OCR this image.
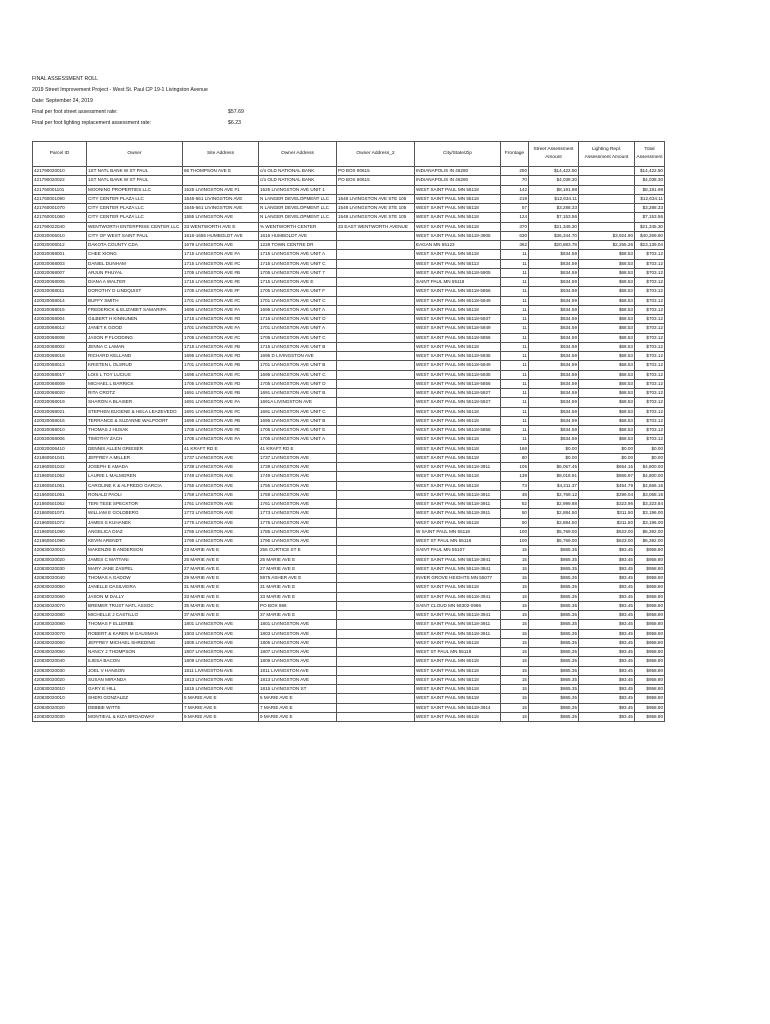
FINAL ASSESSMENT ROLL
2019 Street Improvement Project - West St. Paul CP 19-1 Livingston Avenue
Date: September 24, 2019
Final per foot street assessment rate:	$57.69
Final per foot lighting replacement assessment rate:	$6.23
Parcel ID	Owner	Site Address	Owner Address	Owner Address_2	City/State/Zip	Frontage	Street Assessment Amount	Lighting Repl. Assessment Amount	Total Assessment
421790020010	1ST NATL BANK W ST PAUL	66 THOMPSON AVE E	c/o OLD NATIONAL BANK	PO BOX 80615	INDIANAPOLIS IN 46280	250	$14,422.50		$14,422.50
421790020022	1ST NATL BANK W ST PAUL		c/o OLD NATIONAL BANK	PO BOX 80615	INDIANAPOLIS IN 46280	70	$4,038.30		$4,038.30
421760001101	MOONING PROPERTIES LLC	1525 LIVINGSTON AVE #1	1525 LIVINGSTON AVE UNIT 1		WEST SAINT PAUL MN 55118	142	$8,191.98		$8,191.98
421760001090	CITY CENTER PLAZA LLC	1545-561 LIVINGSTON AVE	N LANGER DEVELOPMENT LLC	1548 LIVINGSTON AVE STE 105	WEST SAINT PAUL MN 55118	219	$12,634.11		$12,634.11
421760001070	CITY CENTER PLAZA LLC	1545-561 LIVINGSTON AVE	N LANGER DEVELOPMENT LLC	1548 LIVINGSTON AVE STE 105	WEST SAINT PAUL MN 55118	57	$3,288.33		$3,288.33
421760001060	CITY CENTER PLAZA LLC	1555 LIVINGSTON AVE	N LANGER DEVELOPMENT LLC	1548 LIVINGSTON AVE STE 105	WEST SAINT PAUL MN 55118	124	$7,153.56		$7,153.56
421790022040	WENTWORTH ENTERPRISE CENTER LLC	33 WENTWORTH AVE E	% WENTWORTH CENTER	33 EAST WENTWORTH AVENUE	WEST SAINT PAUL MN 55118	370	$21,345.30		$21,345.30
420020006010	CITY OF WEST SAINT PAUL	1616-1655 HUMBOLDT AVE	1616 HUMBOLDT AVE		WEST SAINT PAUL MN 55118-3905	630	$36,344.70	$3,924.90	$40,269.60
420020006012	DAKOTA COUNTY CDA	1679 LIVINGSTON AVE	1228 TOWN CENTRE DR		EAGAN MN 55123	362	$20,883.78	$2,255.26	$23,139.04
420020068001	CHEE XIONG	1715 LIVINGSTON AVE #A	1715 LIVINGSTON AVE UNIT A		WEST SAINT PAUL MN 55118	11	$634.59	$68.53	$703.12
420020068003	DANIEL DUNHAM	1715 LIVINGSTON AVE #C	1715 LIVINGSTON AVE UNIT C		WEST SAINT PAUL MN 55113	11	$634.59	$68.53	$703.12
420020068007	ARJUN PHUYAL	1705 LIVINGSTON AVE #B	1705 LIVINGSTON AVE UNIT 7		WEST SAINT PAUL MN 55118-5905	11	$634.59	$68.53	$703.12
420020068005	DIANA A WALTER	1715 LIVINGSTON AVE #E	1715 LIVINGSTON AVE E		SAINT PAUL MN 55118	11	$634.59	$68.53	$703.12
420020068011	DOROTHY D LINDQUIST	1705 LIVINGSTON AVE #F	1705 LIVINGSTON AVE UNIT F		WEST SAINT PAUL MN 55118-5856	11	$634.59	$68.53	$703.12
420020068014	BUFFY SMITH	1701 LIVINGSTON AVE #C	1701 LIVINGSTON AVE UNIT C		WEST SAINT PAUL MN 55118-5949	11	$634.59	$68.53	$703.12
420020068015	FREDERICK & ELIZABET SAMARIPA	1695 LIVINGSTON AVE #A	1695 LIVINGSTON AVE UNIT A		WEST SAINT PAUL MN 55118	11	$634.59	$68.53	$703.12
420020068004	GILBERT H KINNUNEN	1715 LIVINGSTON AVE #D	1715 LIVINGSTON AVE UNIT D		WEST SAINT PAUL MN 55118-5937	11	$634.59	$68.53	$703.12
420020068012	JANET K GOOD	1701 LIVINGSTON AVE #A	1701 LIVINGSTON AVE UNIT A		WEST SAINT PAUL MN 55118-5949	11	$634.59	$68.53	$703.12
420020068008	JASON P FLOODING	1705 LIVINGSTON AVE #C	1705 LIVINGSTON AVE UNIT C		WEST SAINT PAUL MN 55118-5856	11	$634.59	$68.53	$703.12
420020068002	JENNA C LAMAN	1715 LIVINGSTON AVE #B	1715 LIVINGSTON AVE UNIT B		WEST SAINT PAUL MN 55118	11	$634.59	$68.53	$703.12
420020068018	RICHARD KELLAND	1695 LIVINGSTON AVE #D	1695 D LIVINGSTON AVE		WEST SAINT PAUL MN 55118-5935	11	$634.59	$68.53	$703.12
420020068013	KRISTEN L OLSRUD	1701 LIVINGSTON AVE #B	1701 LIVINGSTON AVE UNIT B		WEST SAINT PAUL MN 55118-5949	11	$634.59	$68.53	$703.12
420020068017	LOIS L TOY LUCIUS	1695 LIVINGSTON AVE #C	1695 LIVINGSTON AVE UNIT C		WEST SAINT PAUL MN 55118-5935	11	$634.59	$68.53	$703.12
420020068009	MICHAEL L BARRICK	1705 LIVINGSTON AVE #D	1705 LIVINGSTON AVE UNIT D		WEST SAINT PAUL MN 55118-5856	11	$634.59	$68.53	$703.12
420020068020	RITA CROTZ	1691 LIVINGSTON AVE #B	1691 LIVINGSTON AVE UNIT B		WEST SAINT PAUL MN 55118-5927	11	$634.59	$68.53	$703.12
420020068019	SHARON A BLAISER	1691 LIVINGSTON AVE #A	1691A LIVINGSTON AVE		WEST SAINT PAUL MN 55118-5927	11	$634.59	$68.53	$703.12
420020068021	STEPHEN EUGENE & HELA LEAZEVEDO	1691 LIVINGSTON AVE #C	1691 LIVINGSTON AVE UNIT C		WEST SAINT PAUL MN 55118	11	$634.59	$68.53	$703.12
420020068016	TERRANCE & SUZANNE WALPOORT	1695 LIVINGSTON AVE #B	1695 LIVINGSTON AVE UNIT B		WEST SAINT PAUL MN 55118	11	$634.59	$68.53	$703.12
420020068010	THOMAS J HUSAK	1705 LIVINGSTON AVE #E	1705 LIVINGSTON AVE UNIT E		WEST SAINT PAUL MN 55118-5856	11	$634.59	$68.53	$703.12
420020068006	TIMOTHY ZACH	1705 LIVINGSTON AVE #A	1705 LIVINGSTON AVE UNIT A		WEST SAINT PAUL MN 55118	11	$634.59	$68.53	$703.12
420020006410	DENNIS ALLEN GRIESER	41 KRAFT RD E	41 KRAFT RD E		WEST SAINT PAUL MN 55118	166	$0.00	$0.00	$0.00
421860501041	JEFFREY A MILLER	1737 LIVINGSTON AVE	1737 LIVINGSTON AVE		WEST SAINT PAUL MN 55118	80	$0.00	$0.00	$0.00
421860501042	JOSEPH E AMADA	1739 LIVINGSTON AVE	1739 LIVINGSTON AVE		WEST SAINT PAUL MN 55118-3911	105	$6,057.45	$654.15	$4,800.00
421860501052	LAURIE L MALMGREN	1749 LIVINGSTON AVE	1749 LIVINGSTON AVE		WEST SAINT PAUL MN 55118	139	$8,018.91	$865.97	$4,800.00
421860501051	CAROLINE K & ALFREDO GARCIA	1755 LIVINGSTON AVE	1755 LIVINGSTON AVE		WEST SAINT PAUL MN 55118	73	$4,211.37	$454.79	$4,666.16
421860501061	RONALD PAOLI	1759 LIVINGSTON AVE	1759 LIVINGSTON AVE		WEST SAINT PAUL MN 55118-3911	48	$2,769.12	$299.04	$3,068.16
421860501062	TERI TESE SPECKTOR	1761 LIVINGSTON AVE	1761 LIVINGSTON AVE		WEST SAINT PAUL MN 55118-3911	52	$2,999.88	$323.96	$3,323.84
421860501071	WILLIAM E GOLDBERG	1773 LIVINGSTON AVE	1773 LIVINGSTON AVE		WEST SAINT PAUL MN 55118-3911	50	$2,884.50	$311.50	$3,196.00
421860501072	JAMES S KUHANEK	1775 LIVINGSTON AVE	1775 LIVINGSTON AVE		WEST SAINT PAUL MN 55118	50	$2,884.50	$311.50	$3,196.00
421860501080	ANGELICA DIAZ	1785 LIVINGSTON AVE	1785 LIVINGSTON AVE		W SAINT PAUL MN 55118	100	$5,769.00	$623.00	$6,392.00
421860501090	KEVIN ARENDT	1795 LIVINGSTON AVE	1795 LIVINGSTON AVE		WEST ST PAUL MN 55118	100	$5,769.00	$623.00	$6,392.00
420830020010	MAKENZIE B ANDERSON	23 MARIE AVE E	256 CURTICE ST E		SAINT PAUL MN 55107	15	$865.35	$93.45	$958.80
420830020020	JAMES C MATTANI	25 MARIE AVE E	25 MARIE AVE E		WEST SAINT PAUL MN 55118-3941	15	$865.35	$93.45	$958.80
420830020030	MARY JANE ZASPEL	27 MARIE AVE E	27 MARIE AVE E		WEST SAINT PAUL MN 55118-3941	15	$865.35	$93.45	$958.80
420830020040	THOMAS A GADOW	29 MARIE AVE E	5975 ASHER AVE E		INVER GROVE HEIGHTS MN 55077	15	$865.35	$93.45	$958.80
420830020050	JANELLE DASILVEIRA	31 MARIE AVE E	31 MARIE AVE E		WEST SAINT PAUL MN 55118	15	$865.35	$93.45	$958.80
420830020060	JASON M DALLY	33 MARIE AVE E	33 MARIE AVE E		WEST SAINT PAUL MN 55118-3941	15	$865.35	$93.45	$958.80
420830020070	BREMER TRUST NATL ASSOC	35 MARIE AVE E	PO BOX 986		SAINT CLOUD MN 56302-0986	15	$865.35	$93.45	$958.80
420830020080	MICHELLE J CASTILLO	37 MARIE AVE E	37 MARIE AVE E		WEST SAINT PAUL MN 55118-3941	15	$865.35	$93.45	$958.80
420830020080	THOMAS F ELLERBE	1801 LIVINGSTON AVE	1801 LIVINGSTON AVE		WEST SAINT PAUL MN 55118-3911	15	$865.35	$93.45	$958.80
420830020070	ROBERT & KAREN M GAUSMAN	1803 LIVINGSTON AVE	1803 LIVINGSTON AVE		WEST SAINT PAUL MN 55118-3911	15	$865.35	$93.45	$958.80
420830020060	JEFFREY MICHAEL SHREDING	1805 LIVINGSTON AVE	1805 LIVINGSTON AVE		WEST SAINT PAUL MN 55118	15	$865.35	$93.45	$958.80
420830020050	NANCY J THOMPSON	1807 LIVINGSTON AVE	1807 LIVINGSTON AVE		WEST ST PAUL MN 55118	15	$865.35	$93.45	$958.80
420830020040	ILIESA BACON	1809 LIVINGSTON AVE	1809 LIVINGSTON AVE		WEST SAINT PAUL MN 55118	15	$865.35	$93.45	$958.80
420830020030	JOEL V HANSON	1811 LIVINGSTON AVE	1811 LIVINGSTON AVE		WEST SAINT PAUL MN 55118	15	$865.35	$93.45	$958.80
420830020020	SUSAN MIRANDA	1813 LIVINGSTON AVE	1813 LIVINGSTON AVE		WEST SAINT PAUL MN 55118	15	$865.35	$93.45	$958.80
420830020010	GARY E HILL	1815 LIVINGSTON AVE	1815 LIVINGSTON ST		WEST SAINT PAUL MN 55118	15	$865.35	$93.45	$958.80
420830020010	SHERI GONZALEZ	5 MARIE AVE E	5 MARIE AVE E		WEST SAINT PAUL MN 55118	15	$865.35	$93.45	$958.80
420830020020	DEBBIE WITTE	7 MARIE AVE E	7 MARIE AVE E		WEST SAINT PAUL MN 55118-3914	15	$865.35	$93.45	$958.80
420830020030	MONTIEAL & KIZA BROADWAY	9 MARIE AVE E	9 MARIE AVE E		WEST SAINT PAUL MN 55118	15	$865.35	$93.45	$958.80
